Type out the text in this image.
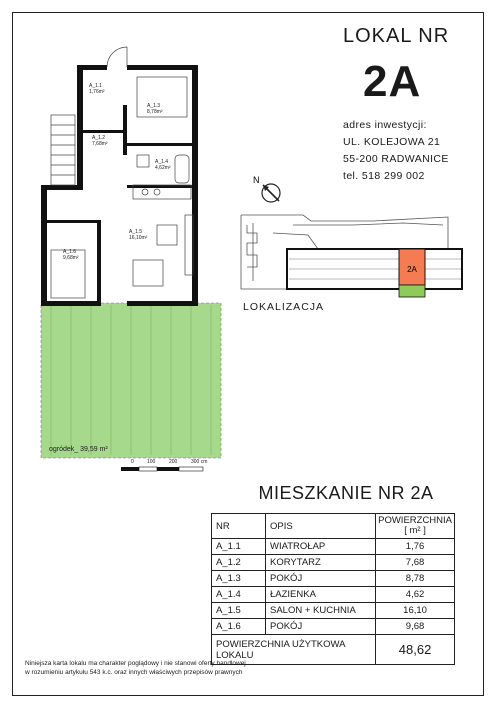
LOKAL NR
2A
adres inwestycji:
UL. KOLEJOWA 21
55-200 RADWANICE
tel. 518 299 002
N
2A
LOKALIZACJA
A_1.1
1,76m²
A_1.2
7,68m²
A_1.3
8,78m²
A_1.4
4,62m²
A_1.5
16,10m²
A_1.6
9,68m²
ogródek_ 39,59 m²
0	100	200	300 cm
MIESZKANIE NR 2A
NR	OPIS	POWIERZCHNIA
[ m² ]

A_1.1	WIATROŁAP	1,76
A_1.2	KORYTARZ	7,68
A_1.3	POKÓJ	8,78
A_1.4	ŁAZIENKA	4,62
A_1.5	SALON + KUCHNIA	16,10
A_1.6	POKÓJ	9,68

POWIERZCHNIA UŻYTKOWA
LOKALU		48,62
Niniejsza karta lokalu ma charakter poglądowy i nie stanowi oferty handlowej
w rozumieniu artykułu 543 k.c. oraz innych właściwych przepisów prawnych
